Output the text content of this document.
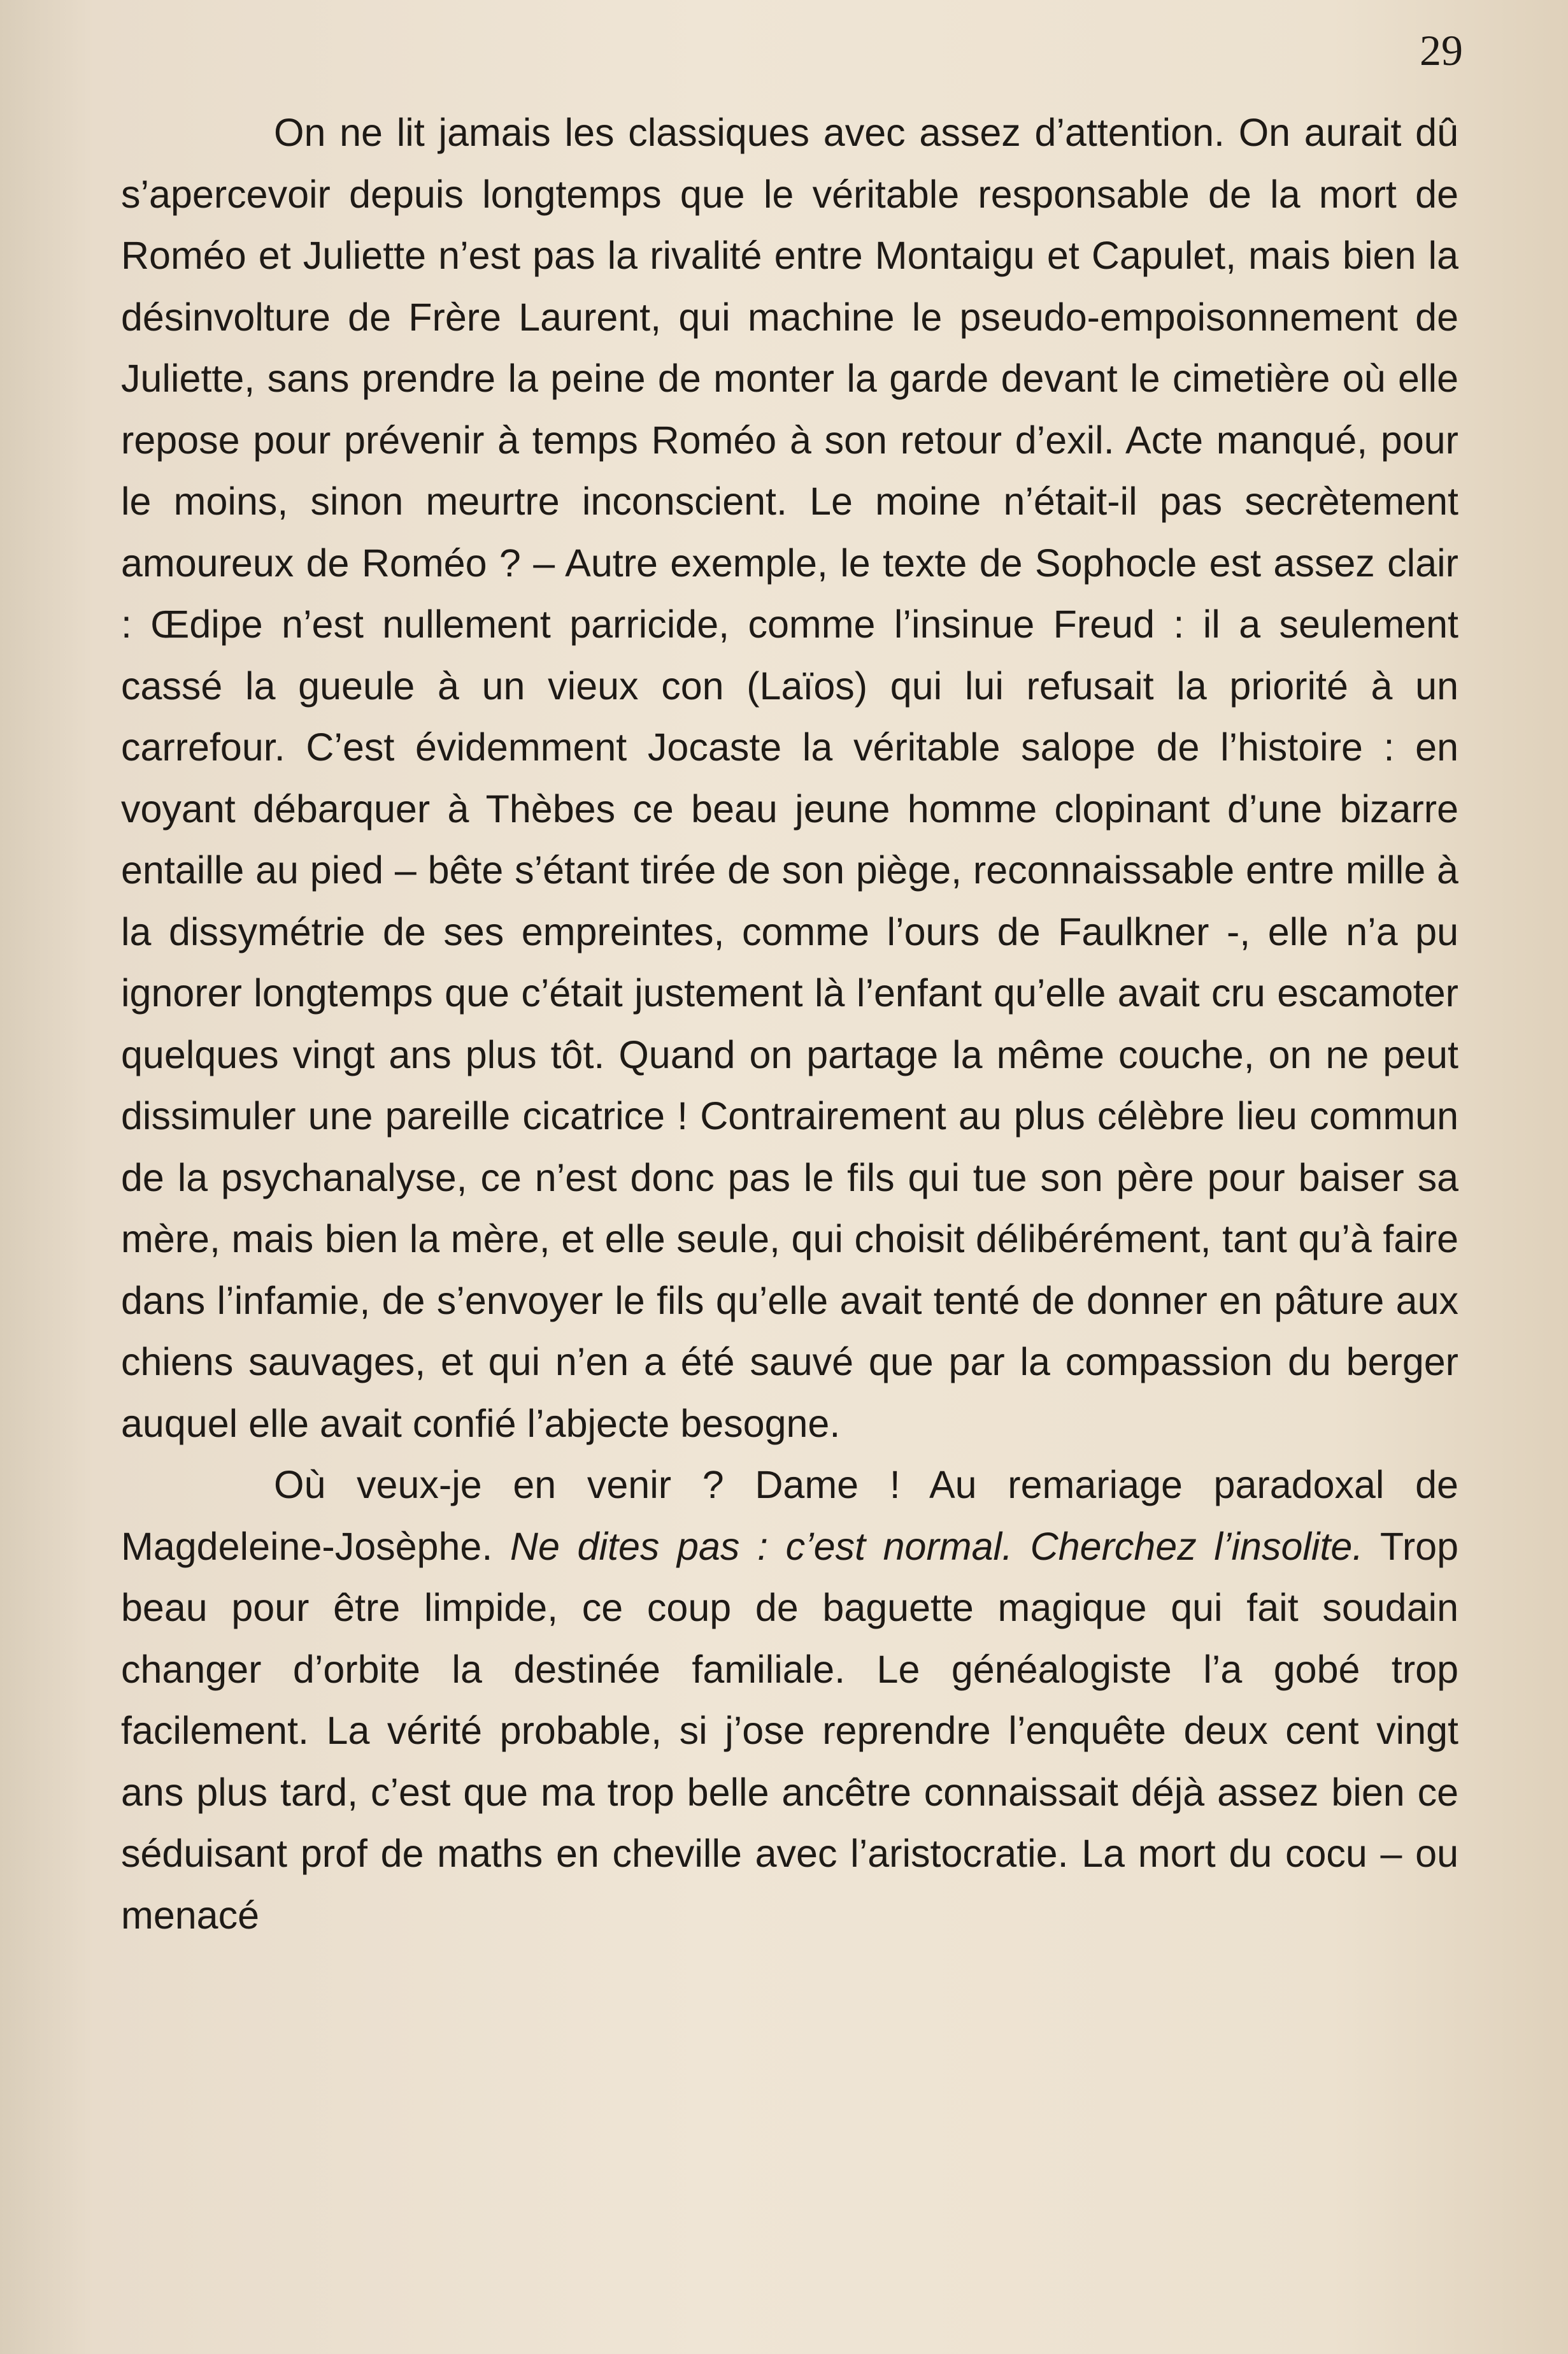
29

On ne lit jamais les classiques avec assez d’attention. On aurait dû s’apercevoir depuis longtemps que le véritable responsable de la mort de Roméo et Juliette n’est pas la rivalité entre Montaigu et Capulet, mais bien la désinvolture de Frère Laurent, qui machine le pseudo-empoisonnement de Juliette, sans prendre la peine de monter la garde devant le cimetière où elle repose pour prévenir à temps Roméo à son retour d’exil. Acte manqué, pour le moins, sinon meurtre inconscient. Le moine n’était-il pas secrètement amoureux de Roméo ? – Autre exemple, le texte de Sophocle est assez clair : Œdipe n’est nullement parricide, comme l’insinue Freud : il a seulement cassé la gueule à un vieux con (Laïos) qui lui refusait la priorité à un carrefour. C’est évidemment Jocaste la véritable salope de l’histoire : en voyant débarquer à Thèbes ce beau jeune homme clopinant d’une bizarre entaille au pied – bête s’étant tirée de son piège, reconnaissable entre mille à la dissymétrie de ses empreintes, comme l’ours de Faulkner -, elle n’a pu ignorer longtemps que c’était justement là l’enfant qu’elle avait cru escamoter quelques vingt ans plus tôt. Quand on partage la même couche, on ne peut dissimuler une pareille cicatrice ! Contrairement au plus célèbre lieu commun de la psychanalyse, ce n’est donc pas le fils qui tue son père pour baiser sa mère, mais bien la mère, et elle seule, qui choisit délibérément, tant qu’à faire dans l’infamie, de s’envoyer le fils qu’elle avait tenté de donner en pâture aux chiens sauvages, et qui n’en a été sauvé que par la compassion du berger auquel elle avait confié l’abjecte besogne.

Où veux-je en venir ? Dame ! Au remariage paradoxal de Magdeleine-Josèphe. Ne dites pas : c’est normal. Cherchez l’insolite. Trop beau pour être limpide, ce coup de baguette magique qui fait soudain changer d’orbite la destinée familiale. Le généalogiste l’a gobé trop facilement. La vérité probable, si j’ose reprendre l’enquête deux cent vingt ans plus tard, c’est que ma trop belle ancêtre connaissait déjà assez bien ce séduisant prof de maths en cheville avec l’aristocratie. La mort du cocu – ou menacé
